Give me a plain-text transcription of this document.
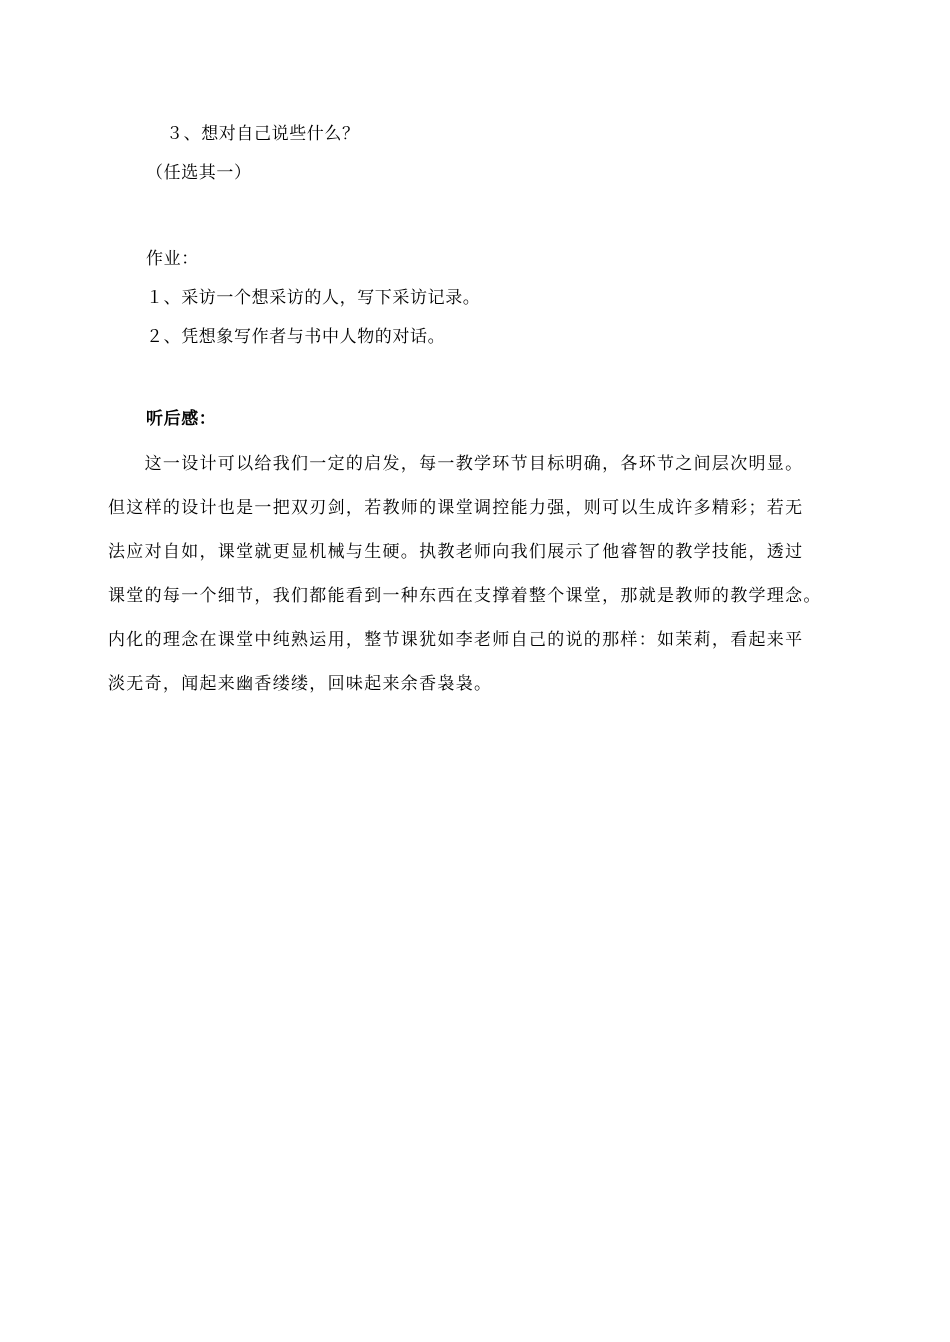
３、想对自己说些什么？
（任选其一）
作业：
１、采访一个想采访的人，写下采访记录。
２、凭想象写作者与书中人物的对话。
听后感：
　　这一设计可以给我们一定的启发，每一教学环节目标明确，各环节之间层次明显。
但这样的设计也是一把双刃剑，若教师的课堂调控能力强，则可以生成许多精彩；若无
法应对自如，课堂就更显机械与生硬。执教老师向我们展示了他睿智的教学技能，透过
课堂的每一个细节，我们都能看到一种东西在支撑着整个课堂，那就是教师的教学理念。
内化的理念在课堂中纯熟运用，整节课犹如李老师自己的说的那样：如茉莉，看起来平
淡无奇，闻起来幽香缕缕，回味起来余香袅袅。
